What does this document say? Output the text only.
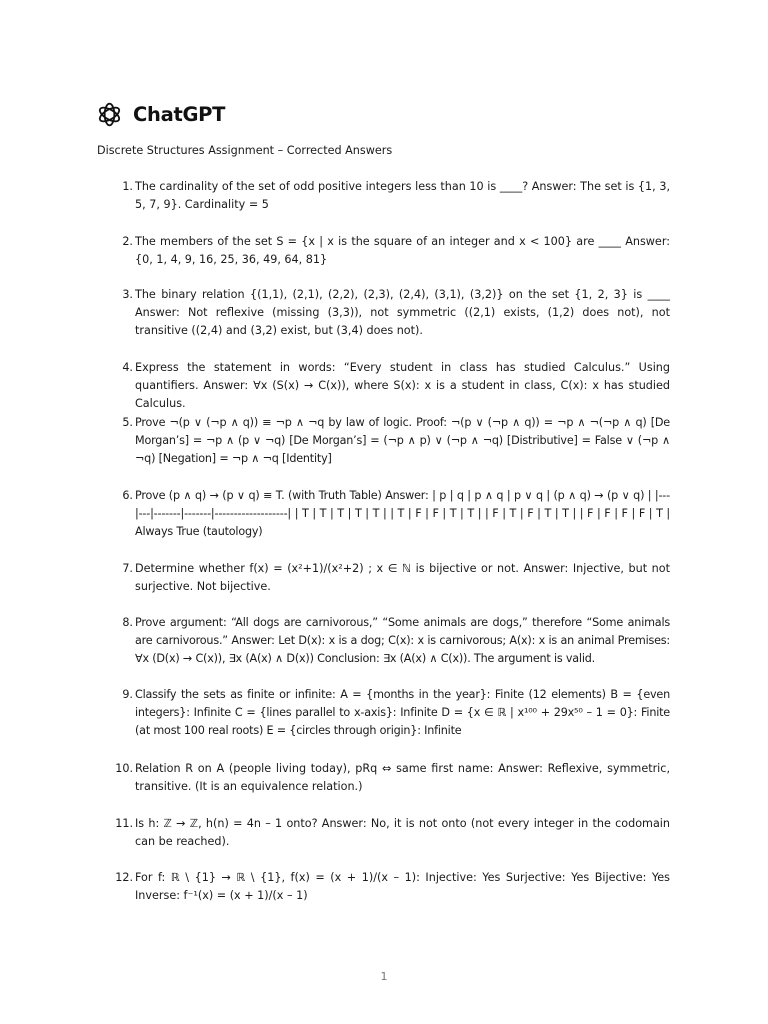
ChatGPT
Discrete Structures Assignment – Corrected Answers
1. The cardinality of the set of odd positive integers less than 10 is ____? Answer: The set is {1, 3, 5, 7, 9}. Cardinality = 5
2. The members of the set S = {x | x is the square of an integer and x < 100} are ____ Answer: {0, 1, 4, 9, 16, 25, 36, 49, 64, 81}
3. The binary relation {(1,1), (2,1), (2,2), (2,3), (2,4), (3,1), (3,2)} on the set {1, 2, 3} is ____ Answer: Not reflexive (missing (3,3)), not symmetric ((2,1) exists, (1,2) does not), not transitive ((2,4) and (3,2) exist, but (3,4) does not).
4. Express the statement in words: “Every student in class has studied Calculus.” Using quantifiers. Answer: ∀x (S(x) → C(x)), where S(x): x is a student in class, C(x): x has studied Calculus.
5. Prove ¬(p ∨ (¬p ∧ q)) ≡ ¬p ∧ ¬q by law of logic. Proof: ¬(p ∨ (¬p ∧ q)) = ¬p ∧ ¬(¬p ∧ q) [De Morgan’s] = ¬p ∧ (p ∨ ¬q) [De Morgan’s] = (¬p ∧ p) ∨ (¬p ∧ ¬q) [Distributive] = False ∨ (¬p ∧ ¬q) [Negation] = ¬p ∧ ¬q [Identity]
6. Prove (p ∧ q) → (p ∨ q) ≡ T. (with Truth Table) Answer: | p | q | p ∧ q | p ∨ q | (p ∧ q) → (p ∨ q) | |---|---|-------|-------|-------------------| | T | T | T | T | T | | T | F | F | T | T | | F | T | F | T | T | | F | F | F | F | T | Always True (tautology)
7. Determine whether f(x) = (x²+1)/(x²+2) ; x ∈ ℕ is bijective or not. Answer: Injective, but not surjective. Not bijective.
8. Prove argument: “All dogs are carnivorous,” “Some animals are dogs,” therefore “Some animals are carnivorous.” Answer: Let D(x): x is a dog; C(x): x is carnivorous; A(x): x is an animal Premises: ∀x (D(x) → C(x)), ∃x (A(x) ∧ D(x)) Conclusion: ∃x (A(x) ∧ C(x)). The argument is valid.
9. Classify the sets as finite or infinite: A = {months in the year}: Finite (12 elements) B = {even integers}: Infinite C = {lines parallel to x-axis}: Infinite D = {x ∈ ℝ | x¹⁰⁰ + 29x⁵⁰ – 1 = 0}: Finite (at most 100 real roots) E = {circles through origin}: Infinite
10. Relation R on A (people living today), pRq ⇔ same first name: Answer: Reflexive, symmetric, transitive. (It is an equivalence relation.)
11. Is h: ℤ → ℤ, h(n) = 4n – 1 onto? Answer: No, it is not onto (not every integer in the codomain can be reached).
12. For f: ℝ \ {1} → ℝ \ {1}, f(x) = (x + 1)/(x – 1): Injective: Yes Surjective: Yes Bijective: Yes Inverse: f⁻¹(x) = (x + 1)/(x – 1)
1
